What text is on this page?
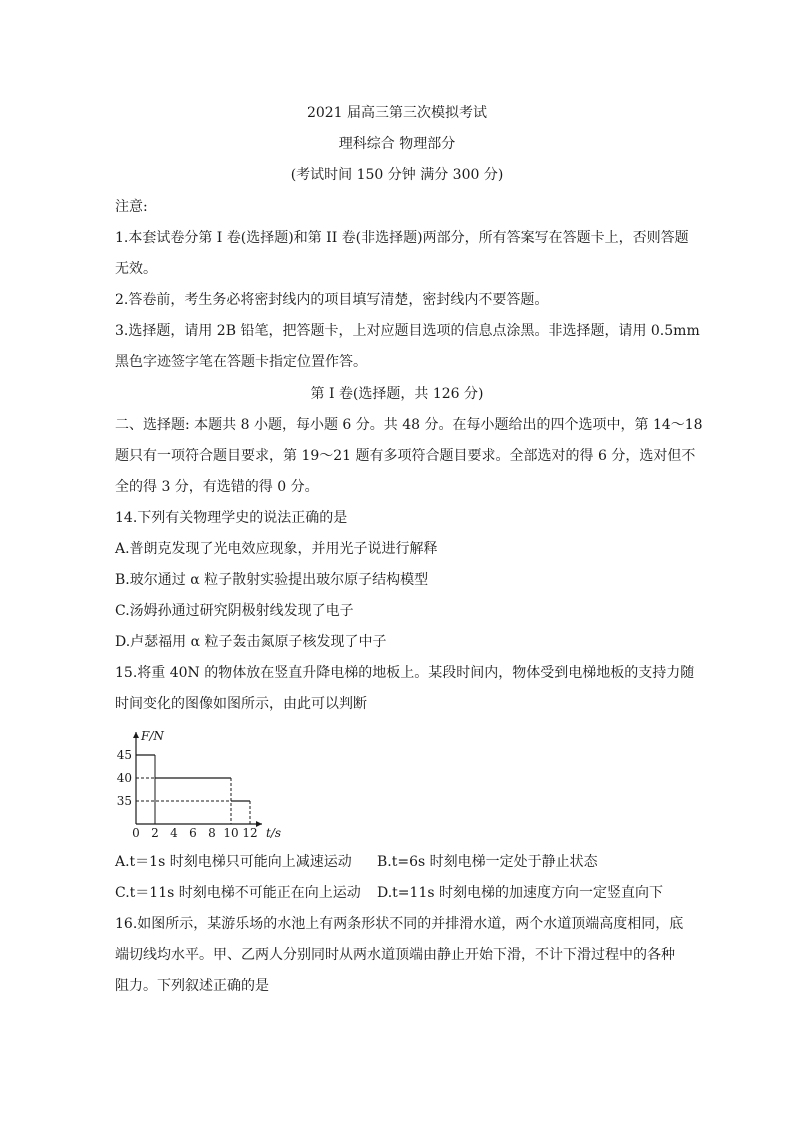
2021 届高三第三次模拟考试
理科综合 物理部分
(考试时间 150 分钟 满分 300 分)
注意:
1.本套试卷分第 I 卷(选择题)和第 II 卷(非选择题)两部分，所有答案写在答题卡上，否则答题
无效。
2.答卷前，考生务必将密封线内的项目填写清楚，密封线内不要答题。
3.选择题，请用 2B 铅笔，把答题卡，上对应题目选项的信息点涂黑。非选择题，请用 0.5mm
黑色字迹签字笔在答题卡指定位置作答。
第 I 卷(选择题，共 126 分)
二、选择题: 本题共 8 小题，每小题 6 分。共 48 分。在每小题给出的四个选项中，第 14～18
题只有一项符合题目要求，第 19～21 题有多项符合题目要求。全部选对的得 6 分，选对但不
全的得 3 分，有选错的得 0 分。
14.下列有关物理学史的说法正确的是
A.普朗克发现了光电效应现象，并用光子说进行解释
B.玻尔通过 α 粒子散射实验提出玻尔原子结构模型
C.汤姆孙通过研究阴极射线发现了电子
D.卢瑟福用 α 粒子轰击氮原子核发现了中子
15.将重 40N 的物体放在竖直升降电梯的地板上。某段时间内，物体受到电梯地板的支持力随
时间变化的图像如图所示，由此可以判断
0 2 4 6 8 10 12
45
40
35
F/N
t/s
A.t＝1s 时刻电梯只可能向上减速运动 B.t=6s 时刻电梯一定处于静止状态
C.t＝11s 时刻电梯不可能正在向上运动 D.t=11s 时刻电梯的加速度方向一定竖直向下
16.如图所示，某游乐场的水池上有两条形状不同的并排滑水道，两个水道顶端高度相同，底
端切线均水平。甲、乙两人分别同时从两水道顶端由静止开始下滑，不计下滑过程中的各种
阻力。下列叙述正确的是
